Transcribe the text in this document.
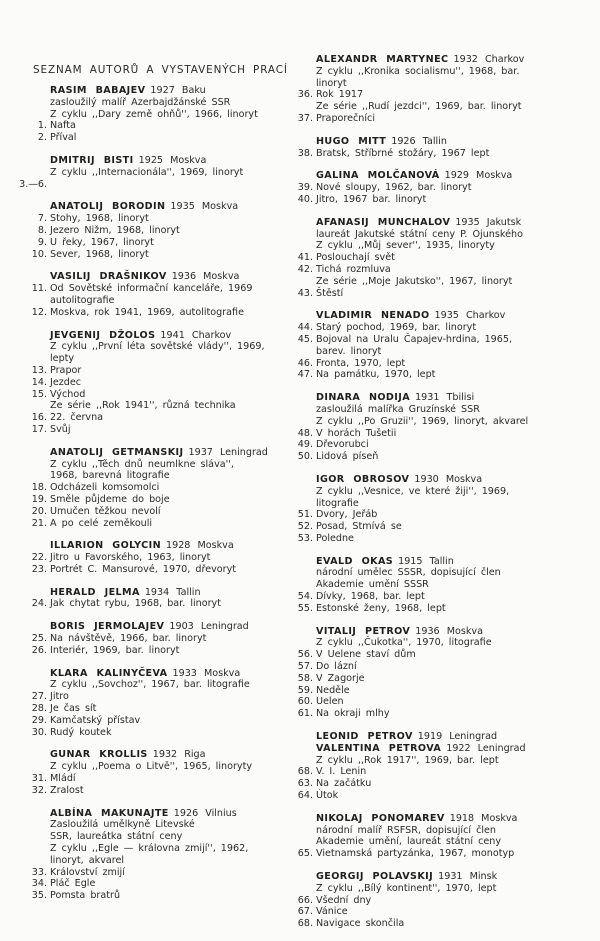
SEZNAM AUTORŮ A VYSTAVENÝCH PRACÍ
RASIM BABAJEV 1927 Baku
zasloužilý malíř Azerbajdžánské SSR
Z cyklu ,,Dary země ohňů'', 1966, linoryt
1. Nafta
2. Příval
DMITRIJ BISTI 1925 Moskva
Z cyklu ,,Internacionála'', 1969, linoryt
3.—6.
ANATOLIJ BORODIN 1935 Moskva
7. Stohy, 1968, linoryt
8. Jezero Nižm, 1968, linoryt
9. U řeky, 1967, linoryt
10. Sever, 1968, linoryt
VASILIJ DRAŠNIKOV 1936 Moskva
11. Od Sovětské informační kanceláře, 1969
autolitografie
12. Moskva, rok 1941, 1969, autolitografie
JEVGENIJ DŽOLOS 1941 Charkov
Z cyklu ,,První léta sovětské vlády'', 1969,
lepty
13. Prapor
14. Jezdec
15. Východ
Ze série ,,Rok 1941'', různá technika
16. 22. června
17. Svůj
ANATOLIJ GETMANSKIJ 1937 Leningrad
Z cyklu ,,Těch dnů neumlkne sláva'',
1968, barevná litografie
18. Odcházeli komsomolci
19. Směle půjdeme do boje
20. Umučen těžkou nevolí
21. A po celé zeměkouli
ILLARION GOLYCIN 1928 Moskva
22. Jitro u Favorského, 1963, linoryt
23. Portrét C. Mansurové, 1970, dřevoryt
HERALD JELMA 1934 Tallin
24. Jak chytat rybu, 1968, bar. linoryt
BORIS JERMOLAJEV 1903 Leningrad
25. Na návštěvě, 1966, bar. linoryt
26. Interiér, 1969, bar. linoryt
KLARA KALINYČEVA 1933 Moskva
Z cyklu ,,Sovchoz'', 1967, bar. litografie
27. Jitro
28. Je čas sít
29. Kamčatský přístav
30. Rudý koutek
GUNAR KROLLIS 1932 Riga
Z cyklu ,,Poema o Litvě'', 1965, linoryty
31. Mládí
32. Zralost
ALBÍNA MAKUNAJTE 1926 Vilnius
Zasloužilá umělkyně Litevské
SSR, laureátka státní ceny
Z cyklu ,,Egle — královna zmijí'', 1962,
linoryt, akvarel
33. Království zmijí
34. Pláč Egle
35. Pomsta bratrů
ALEXANDR MARTYNEC 1932 Charkov
Z cyklu ,,Kronika socialismu'', 1968, bar.
linoryt
36. Rok 1917
Ze série ,,Rudí jezdci'', 1969, bar. linoryt
37. Praporečníci
HUGO MITT 1926 Tallin
38. Bratsk, Stříbrné stožáry, 1967 lept
GALINA MOLČANOVÁ 1929 Moskva
39. Nové sloupy, 1962, bar. linoryt
40. Jitro, 1967 bar. linoryt
AFANASIJ MUNCHALOV 1935 Jakutsk
laureát Jakutské státní ceny P. Ojunského
Z cyklu ,,Můj sever'', 1935, linoryty
41. Poslouchají svět
42. Tichá rozmluva
Ze série ,,Moje Jakutsko'', 1967, linoryt
43. Štěstí
VLADIMIR NENADO 1935 Charkov
44. Starý pochod, 1969, bar. linoryt
45. Bojoval na Uralu Čapajev-hrdina, 1965,
barev. linoryt
46. Fronta, 1970, lept
47. Na památku, 1970, lept
DINARA NODIJA 1931 Tbilisi
zasloužilá malířka Gruzínské SSR
Z cyklu ,,Po Gruzii'', 1969, linoryt, akvarel
48. V horách Tušetii
49. Dřevorubci
50. Lidová píseň
IGOR OBROSOV 1930 Moskva
Z cyklu ,,Vesnice, ve které žiji'', 1969,
litografie
51. Dvory, Jeřáb
52. Posad, Stmívá se
53. Poledne
EVALD OKAS 1915 Tallin
národní umělec SSSR, dopisující člen
Akademie umění SSSR
54. Dívky, 1968, bar. lept
55. Estonské ženy, 1968, lept
VITALIJ PETROV 1936 Moskva
Z cyklu ,,Čukotka'', 1970, litografie
56. V Uelene staví dům
57. Do lázní
58. V Zagorje
59. Neděle
60. Uelen
61. Na okraji mlhy
LEONID PETROV 1919 Leningrad
VALENTINA PETROVA 1922 Leningrad
Z cyklu ,,Rok 1917'', 1969, bar. lept
68. V. I. Lenin
63. Na začátku
64. Útok
NIKOLAJ PONOMAREV 1918 Moskva
národní malíř RSFSR, dopisující člen
Akademie umění, laureát státní ceny
65. Vietnamská partyzánka, 1967, monotyp
GEORGIJ POLAVSKIJ 1931 Minsk
Z cyklu ,,Bílý kontinent'', 1970, lept
66. Všední dny
67. Vánice
68. Navigace skončila
